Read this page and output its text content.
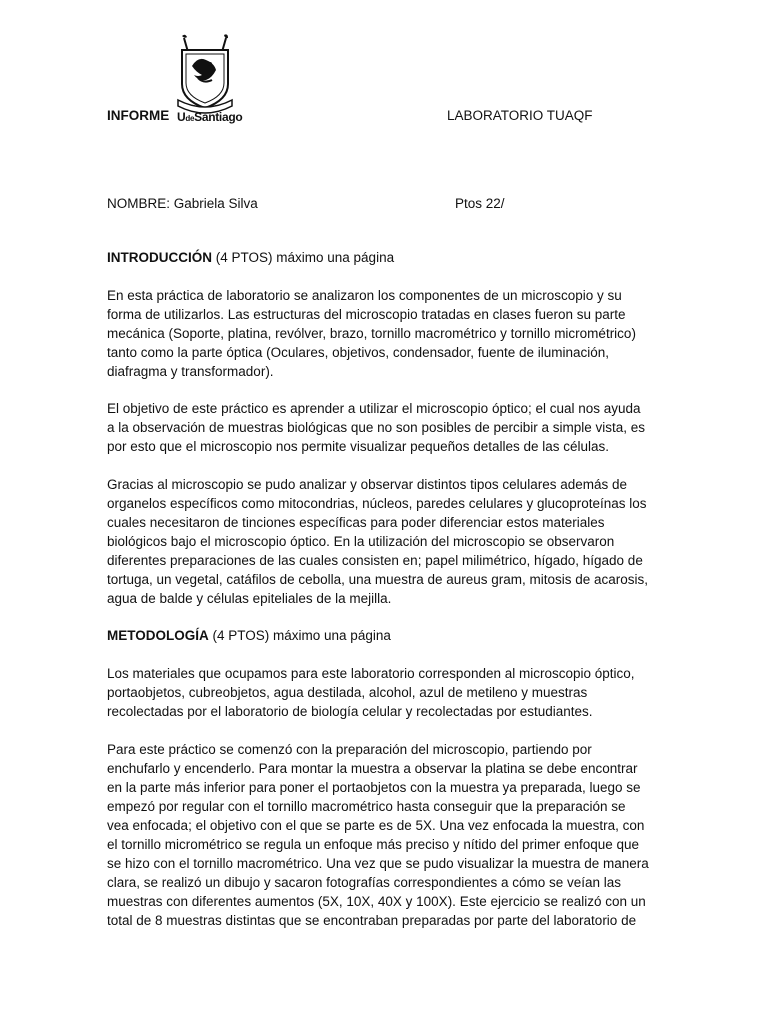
UdeSantiago
INFORME	LABORATORIO TUAQF
NOMBRE: Gabriela Silva	Ptos 22/
INTRODUCCIÓN (4 PTOS) máximo una página
En esta práctica de laboratorio se analizaron los componentes de un microscopio y su
forma de utilizarlos. Las estructuras del microscopio tratadas en clases fueron su parte
mecánica (Soporte, platina, revólver, brazo, tornillo macrométrico y tornillo micrométrico)
tanto como la parte óptica (Oculares, objetivos, condensador, fuente de iluminación,
diafragma y transformador).
El objetivo de este práctico es aprender a utilizar el microscopio óptico; el cual nos ayuda
a la observación de muestras biológicas que no son posibles de percibir a simple vista, es
por esto que el microscopio nos permite visualizar pequeños detalles de las células.
Gracias al microscopio se pudo analizar y observar distintos tipos celulares además de
organelos específicos como mitocondrias, núcleos, paredes celulares y glucoproteínas los
cuales necesitaron de tinciones específicas para poder diferenciar estos materiales
biológicos bajo el microscopio óptico. En la utilización del microscopio se observaron
diferentes preparaciones de las cuales consisten en; papel milimétrico, hígado, hígado de
tortuga, un vegetal, catáfilos de cebolla, una muestra de aureus gram, mitosis de acarosis,
agua de balde y células epiteliales de la mejilla.
METODOLOGÍA (4 PTOS) máximo una página
Los materiales que ocupamos para este laboratorio corresponden al microscopio óptico,
portaobjetos, cubreobjetos, agua destilada, alcohol, azul de metileno y muestras
recolectadas por el laboratorio de biología celular y recolectadas por estudiantes.
Para este práctico se comenzó con la preparación del microscopio, partiendo por
enchufarlo y encenderlo. Para montar la muestra a observar la platina se debe encontrar
en la parte más inferior para poner el portaobjetos con la muestra ya preparada, luego se
empezó por regular con el tornillo macrométrico hasta conseguir que la preparación se
vea enfocada; el objetivo con el que se parte es de 5X. Una vez enfocada la muestra, con
el tornillo micrométrico se regula un enfoque más preciso y nítido del primer enfoque que
se hizo con el tornillo macrométrico. Una vez que se pudo visualizar la muestra de manera
clara, se realizó un dibujo y sacaron fotografías correspondientes a cómo se veían las
muestras con diferentes aumentos (5X, 10X, 40X y 100X). Este ejercicio se realizó con un
total de 8 muestras distintas que se encontraban preparadas por parte del laboratorio de
